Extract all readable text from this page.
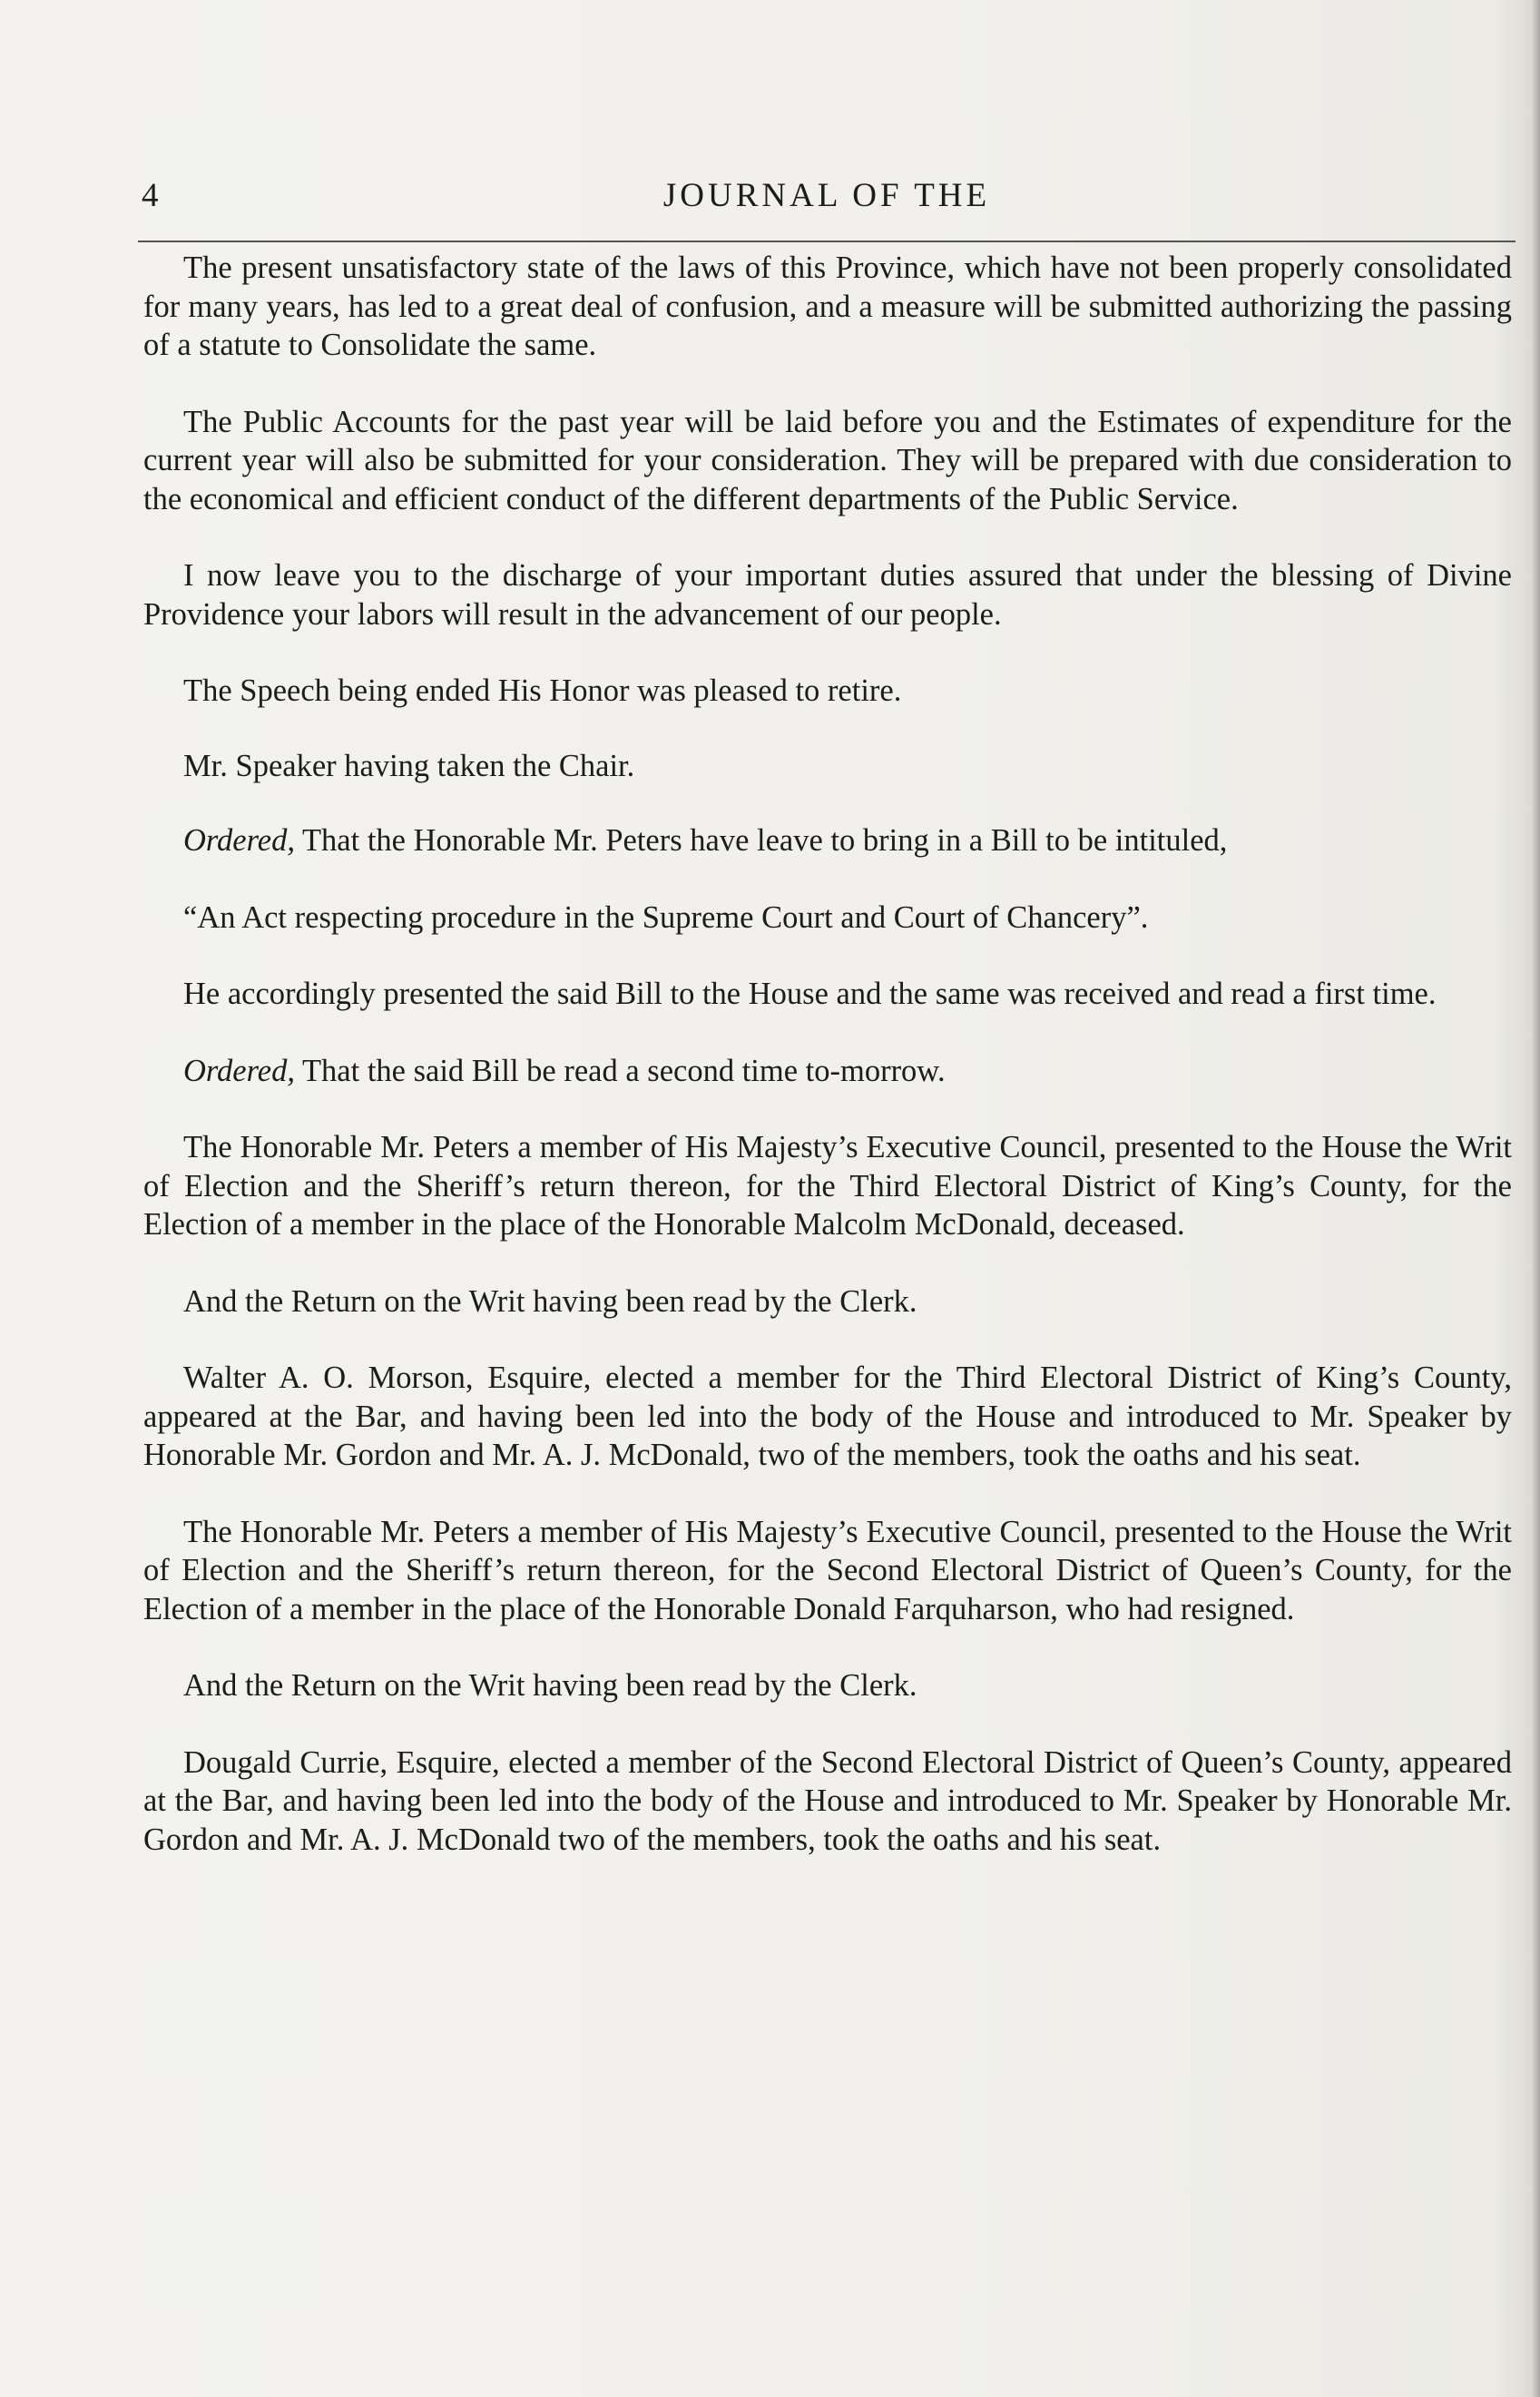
4	JOURNAL OF THE

The present unsatisfactory state of the laws of this Province, which have not been properly consolidated for many years, has led to a great deal of confusion, and a measure will be submitted authorizing the passing of a statute to Consolidate the same.

The Public Accounts for the past year will be laid before you and the Estimates of expenditure for the current year will also be submitted for your consideration. They will be prepared with due consideration to the economical and efficient conduct of the different departments of the Public Service.

I now leave you to the discharge of your important duties assured that under the blessing of Divine Providence your labors will result in the advancement of our people.

The Speech being ended His Honor was pleased to retire.

Mr. Speaker having taken the Chair.

Ordered, That the Honorable Mr. Peters have leave to bring in a Bill to be intituled,

“An Act respecting procedure in the Supreme Court and Court of Chancery”.

He accordingly presented the said Bill to the House and the same was received and read a first time.

Ordered, That the said Bill be read a second time to-morrow.

The Honorable Mr. Peters a member of His Majesty’s Executive Council, presented to the House the Writ of Election and the Sheriff’s return thereon, for the Third Electoral District of King’s County, for the Election of a member in the place of the Honorable Malcolm McDonald, deceased.

And the Return on the Writ having been read by the Clerk.

Walter A. O. Morson, Esquire, elected a member for the Third Electoral District of King’s County, appeared at the Bar, and having been led into the body of the House and introduced to Mr. Speaker by Honorable Mr. Gordon and Mr. A. J. McDonald, two of the members, took the oaths and his seat.

The Honorable Mr. Peters a member of His Majesty’s Executive Council, presented to the House the Writ of Election and the Sheriff’s return thereon, for the Second Electoral District of Queen’s County, for the Election of a member in the place of the Honorable Donald Farquharson, who had resigned.

And the Return on the Writ having been read by the Clerk.

Dougald Currie, Esquire, elected a member of the Second Electoral District of Queen’s County, appeared at the Bar, and having been led into the body of the House and introduced to Mr. Speaker by Honorable Mr. Gordon and Mr. A. J. McDonald two of the members, took the oaths and his seat.
